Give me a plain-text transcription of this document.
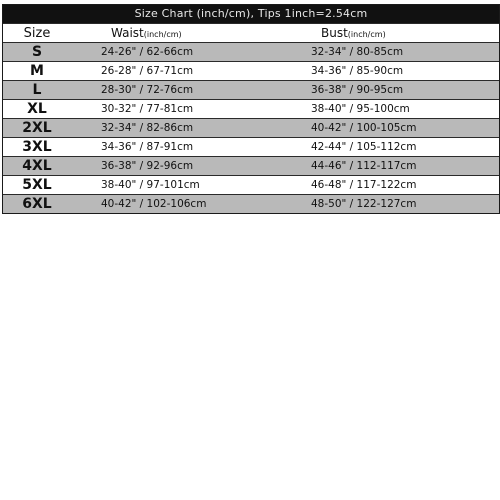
Size Chart (inch/cm), Tips 1inch=2.54cm
Size	Waist(inch/cm)	Bust(inch/cm)
S	24-26" / 62-66cm	32-34" / 80-85cm
M	26-28" / 67-71cm	34-36" / 85-90cm
L	28-30" / 72-76cm	36-38" / 90-95cm
XL	30-32" / 77-81cm	38-40" / 95-100cm
2XL	32-34" / 82-86cm	40-42" / 100-105cm
3XL	34-36" / 87-91cm	42-44" / 105-112cm
4XL	36-38" / 92-96cm	44-46" / 112-117cm
5XL	38-40" / 97-101cm	46-48" / 117-122cm
6XL	40-42" / 102-106cm	48-50" / 122-127cm
